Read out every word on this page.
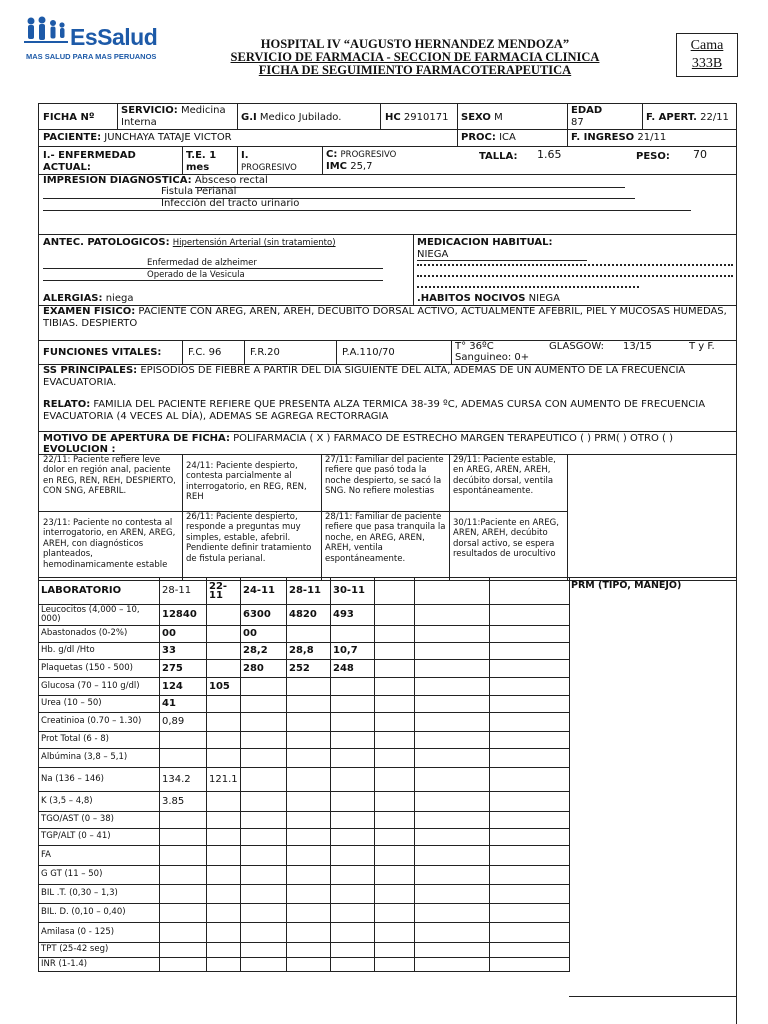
EsSalud
MAS SALUD PARA MAS PERUANOS
HOSPITAL IV “AUGUSTO HERNANDEZ MENDOZA”
SERVICIO DE FARMACIA - SECCION DE FARMACIA CLINICA
FICHA DE SEGUIMIENTO FARMACOTERAPEUTICA
Cama
333B
FICHA Nº
SERVICIO: Medicina Interna	G.I Medico Jubilado.	HC 2910171 SEXO M
EDAD
87	F. APERT. 22/11
PACIENTE: JUNCHAYA TATAJE VICTOR	PROC: ICA	F. INGRESO 21/11
I.- ENFERMEDAD ACTUAL:
T.E. 1 mes
I.
PROGRESIVO
C: PROGRESIVO
IMC 25,7
TALLA: 1.65	PESO: 70
IMPRESIÓN DIAGNÓSTICA: Absceso rectal
Fistula Perianal
Infección del tracto urinario
ANTEC. PATOLÓGICOS: Hipertensión Arterial (sin tratamiento)
Enfermedad de alzheimer
Operado de la Vesicula
ALERGIAS: niega
MEDICACION HABITUAL:
NIEGA
.HABITOS NOCIVOS NIEGA
EXAMEN FISICO: PACIENTE CON AREG, AREN, AREH, DECÚBITO DORSAL ACTIVO, ACTUALMENTE AFEBRIL, PIEL Y MUCOSAS HUMEDAS, TIBIAS. DESPIERTO
FUNCIONES VITALES:	F.C. 96	F.R.20	P.A.110/70
T° 36ºC	GLASGOW: 13/15	T y F.
Sanguineo: 0+
SS PRINCIPALES: EPISODIOS DE FIEBRE A PARTIR DEL DIA SIGUIENTE DEL ALTA, ADEMAS DE UN AUMENTO DE LA FRECUENCIA EVACUATORIA.
RELATO: FAMILIA DEL PACIENTE REFIERE QUE PRESENTA ALZA TERMICA 38-39 ºC, ADEMAS CURSA CON AUMENTO DE FRECUENCIA EVACUATORIA (4 VECES AL DÍA), ADEMAS SE AGREGA RECTORRAGIA
MOTIVO DE APERTURA DE FICHA: POLIFARMACIA ( X ) FARMACO DE ESTRECHO MARGEN TERAPEUTICO ( ) PRM( ) OTRO ( )
EVOLUCION :
22/11: Paciente refiere leve dolor en región anal, paciente en REG, REN, REH, DESPIERTO, CON SNG, AFEBRIL.
24/11: Paciente despierto, contesta parcialmente al interrogatorio, en REG, REN, REH
27/11: Familiar del paciente refiere que pasó toda la noche despierto, se sacó la SNG. No refiere molestias
29/11: Paciente estable, en AREG, AREN, AREH, decúbito dorsal, ventila espontáneamente.
23/11: Paciente no contesta al interrogatorio, en AREN, AREG, AREH, con diagnósticos planteados, hemodinamicamente estable
26/11: Paciente despierto, responde a preguntas muy simples, estable, afebril. Pendiente definir tratamiento de fistula perianal.
28/11: Familiar de paciente refiere que pasa tranquila la noche, en AREG, AREN, AREH, ventila espontáneamente.
30/11:Paciente en AREG, AREN, AREH, decúbito dorsal activo, se espera resultados de urocultivo
LABORATORIO	28-11	22-11	24-11	28-11	30-11			
Leucocitos (4,000 – 10, 000)	12840		6300	4820	493			
Abastonados (0-2%)	00		00					
Hb. g/dl /Hto	33		28,2	28,8	10,7			
Plaquetas (150 - 500)	275		280	252	248			
Glucosa (70 – 110 g/dl)	124	105						
Urea (10 – 50)	41							
Creatinioa (0.70 – 1.30)	0,89							
Prot Total (6 - 8)								
Albúmina (3,8 – 5,1)								
Na (136 – 146)	134.2	121.1						
K (3,5 – 4,8)	3.85							
TGO/AST (0 – 38)								
TGP/ALT (0 – 41)								
FA								
G GT (11 – 50)								
BIL .T. (0,30 – 1,3)								
BIL. D. (0,10 – 0,40)								
Amilasa (0 - 125)								
TPT (25-42 seg)								
INR (1-1.4)								
PRM (TIPO, MANEJO)
